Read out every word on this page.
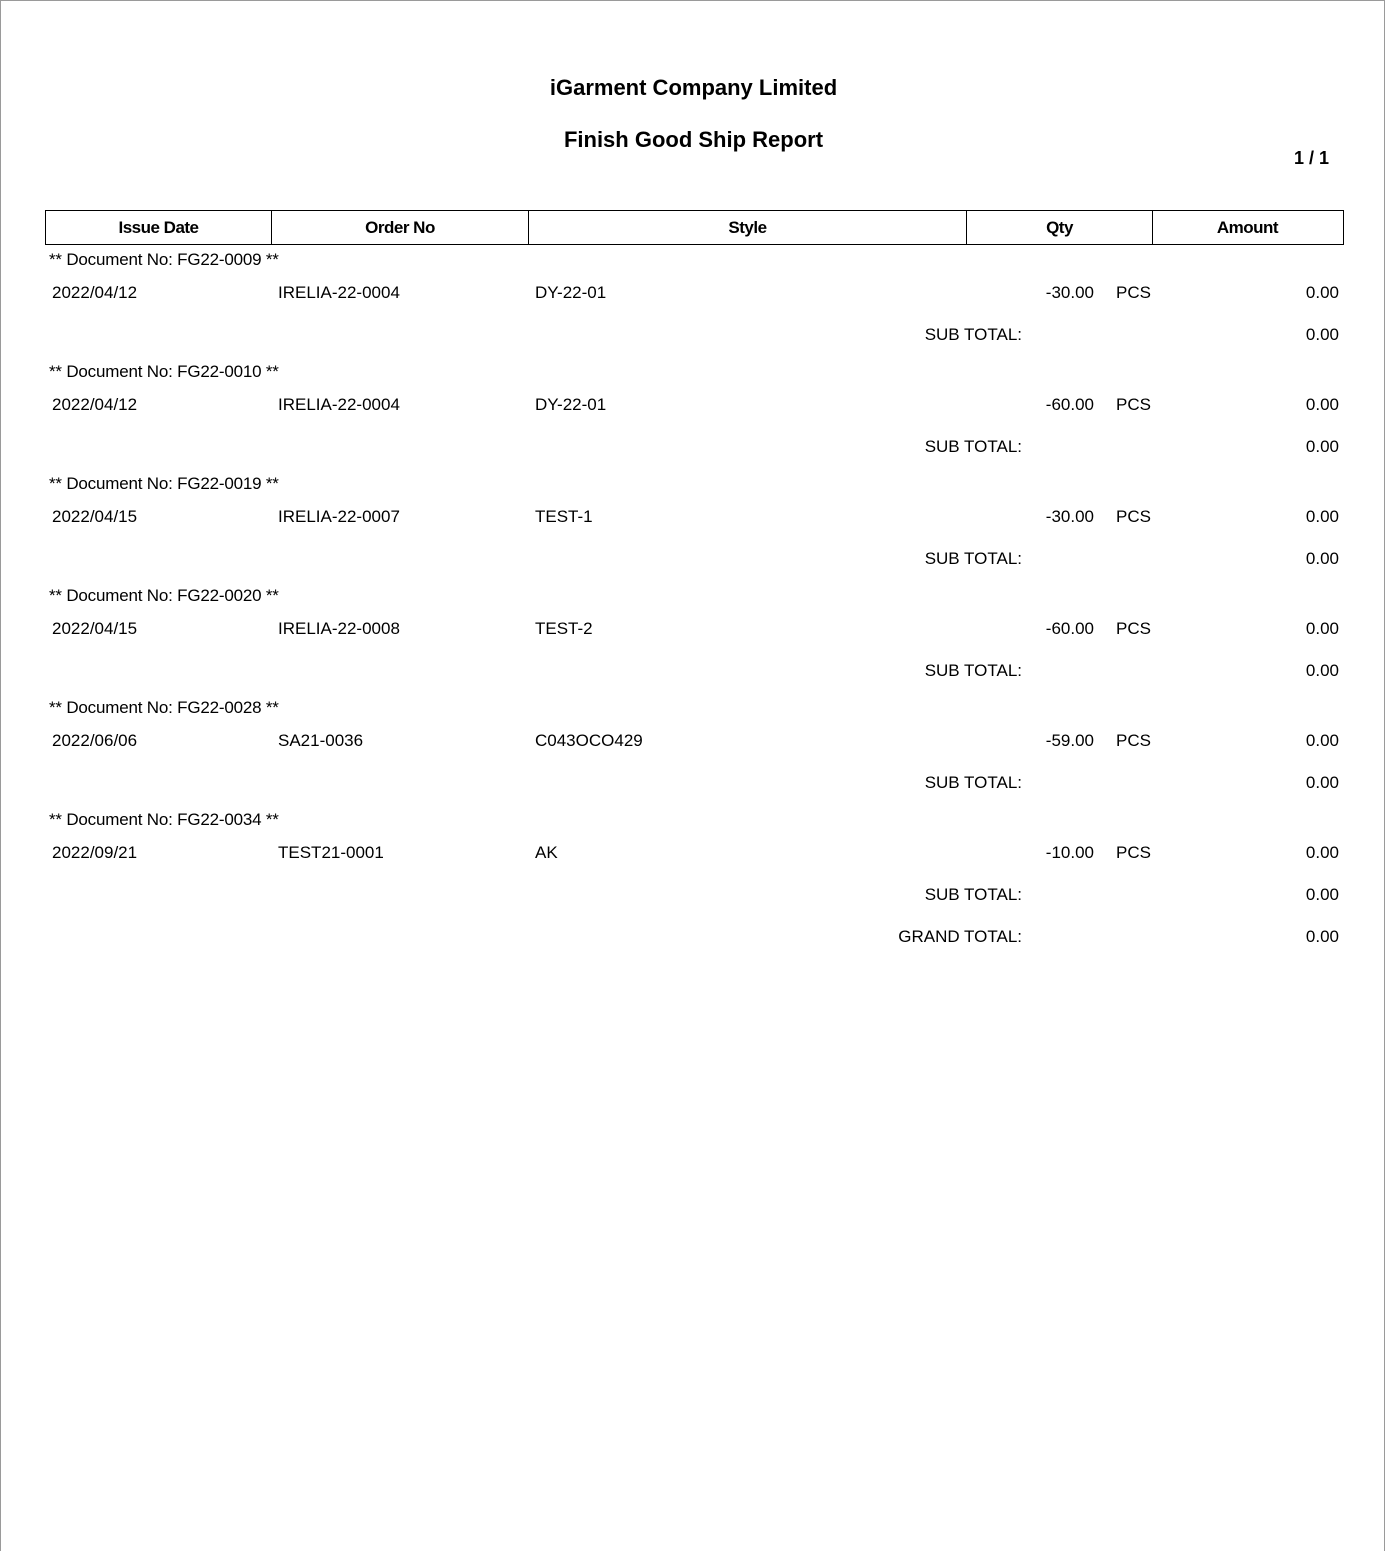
iGarment Company Limited
Finish Good Ship Report
1 / 1
Issue Date	Order No	Style	Qty	Amount
** Document No: FG22-0009 **
2022/04/12	IRELIA-22-0004	DY-22-01	-30.00 PCS	0.00
SUB TOTAL:	0.00
** Document No: FG22-0010 **
2022/04/12	IRELIA-22-0004	DY-22-01	-60.00 PCS	0.00
SUB TOTAL:	0.00
** Document No: FG22-0019 **
2022/04/15	IRELIA-22-0007	TEST-1	-30.00 PCS	0.00
SUB TOTAL:	0.00
** Document No: FG22-0020 **
2022/04/15	IRELIA-22-0008	TEST-2	-60.00 PCS	0.00
SUB TOTAL:	0.00
** Document No: FG22-0028 **
2022/06/06	SA21-0036	C043OCO429	-59.00 PCS	0.00
SUB TOTAL:	0.00
** Document No: FG22-0034 **
2022/09/21	TEST21-0001	AK	-10.00 PCS	0.00
SUB TOTAL:	0.00
GRAND TOTAL:	0.00
